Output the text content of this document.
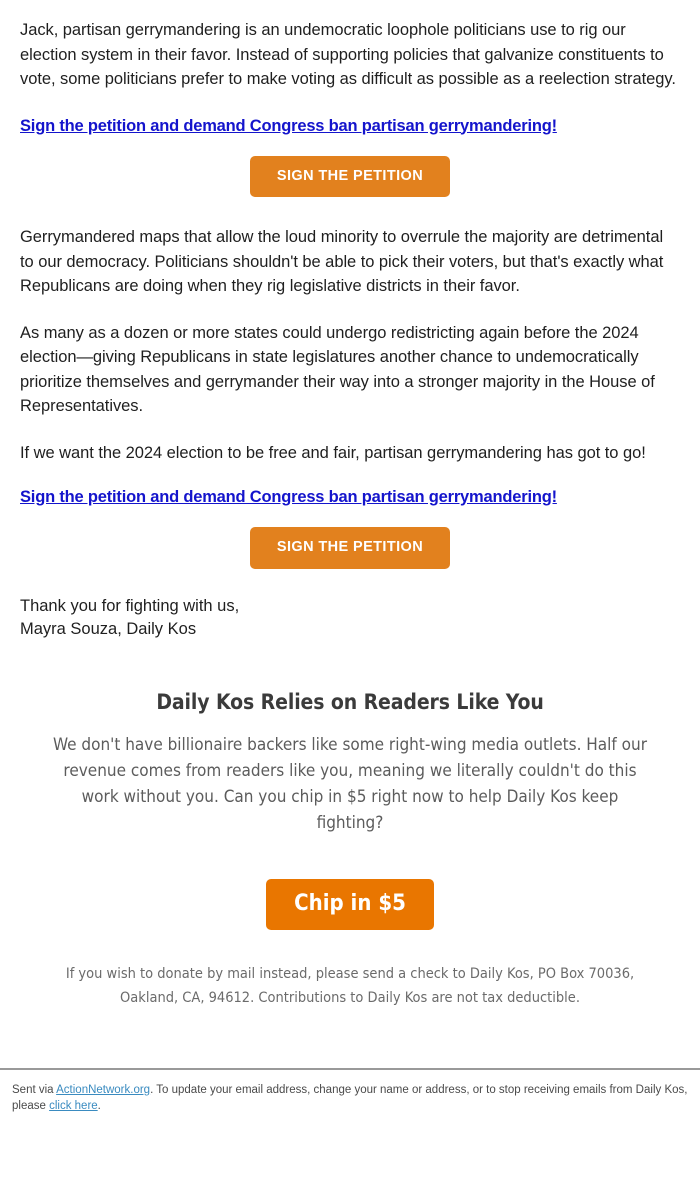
Jack, partisan gerrymandering is an undemocratic loophole politicians use to rig our election system in their favor. Instead of supporting policies that galvanize constituents to vote, some politicians prefer to make voting as difficult as possible as a reelection strategy.

Sign the petition and demand Congress ban partisan gerrymandering!
SIGN THE PETITION

Gerrymandered maps that allow the loud minority to overrule the majority are detrimental to our democracy. Politicians shouldn't be able to pick their voters, but that's exactly what Republicans are doing when they rig legislative districts in their favor.

As many as a dozen or more states could undergo redistricting again before the 2024 election—giving Republicans in state legislatures another chance to undemocratically prioritize themselves and gerrymander their way into a stronger majority in the House of Representatives.

If we want the 2024 election to be free and fair, partisan gerrymandering has got to go!

Sign the petition and demand Congress ban partisan gerrymandering!
SIGN THE PETITION
Thank you for fighting with us,
Mayra Souza, Daily Kos
Daily Kos Relies on Readers Like You

We don't have billionaire backers like some right-wing media outlets. Half our revenue comes from readers like you, meaning we literally couldn't do this work without you. Can you chip in $5 right now to help Daily Kos keep fighting?

Chip in $5

If you wish to donate by mail instead, please send a check to Daily Kos, PO Box 70036, Oakland, CA, 94612. Contributions to Daily Kos are not tax deductible.

Sent via ActionNetwork.org. To update your email address, change your name or address, or to stop receiving emails from Daily Kos, please click here.
